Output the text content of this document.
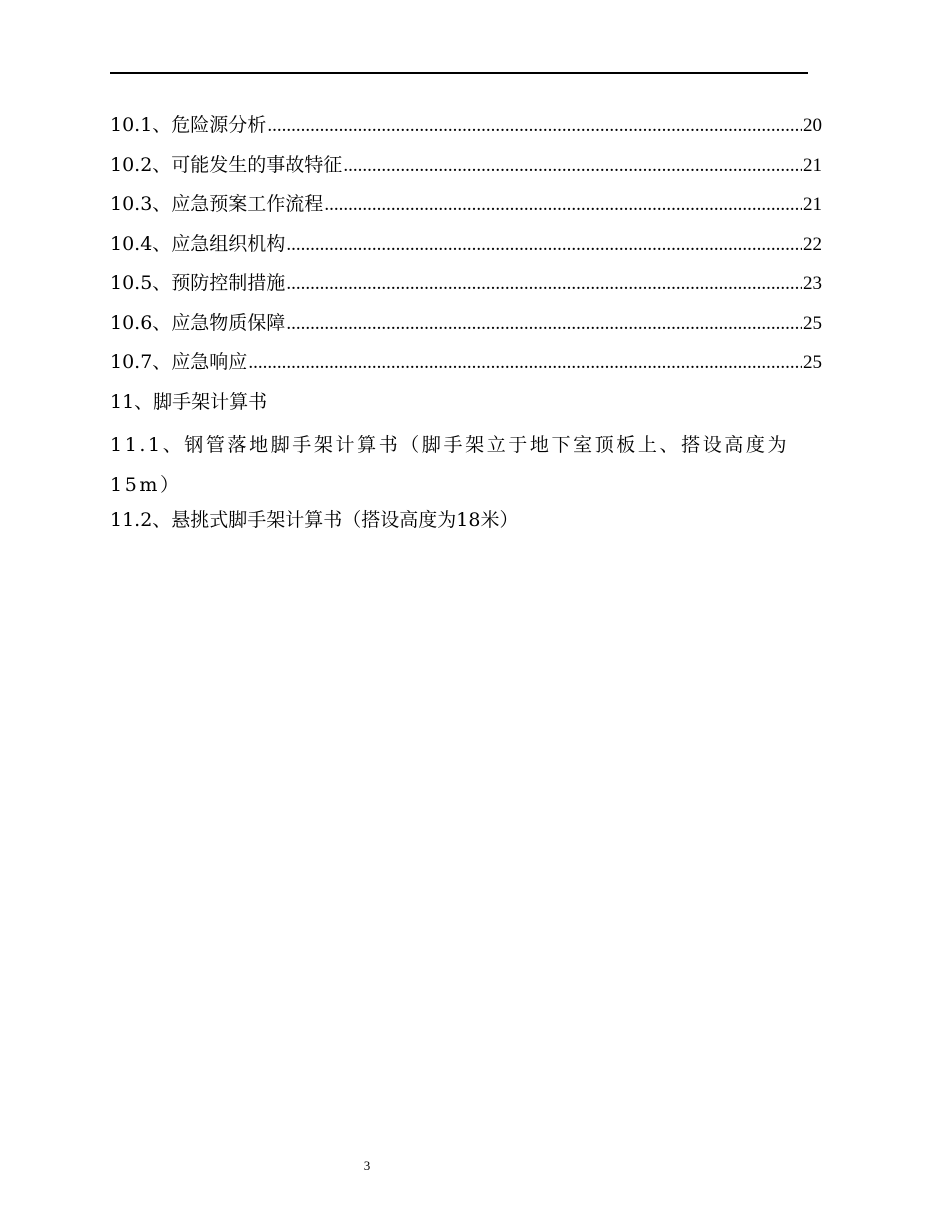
10.1、危险源分析 .....	20
10.2、可能发生的事故特征 .....	21
10.3、应急预案工作流程 .....	21
10.4、应急组织机构 .....	22
10.5、预防控制措施 .....	23
10.6、应急物质保障 .....	25
10.7、应急响应 .....	25
11、脚手架计算书
11.1、钢管落地脚手架计算书（脚手架立于地下室顶板上、搭设高度为15m）
11.2、悬挑式脚手架计算书（搭设高度为18米）
3
